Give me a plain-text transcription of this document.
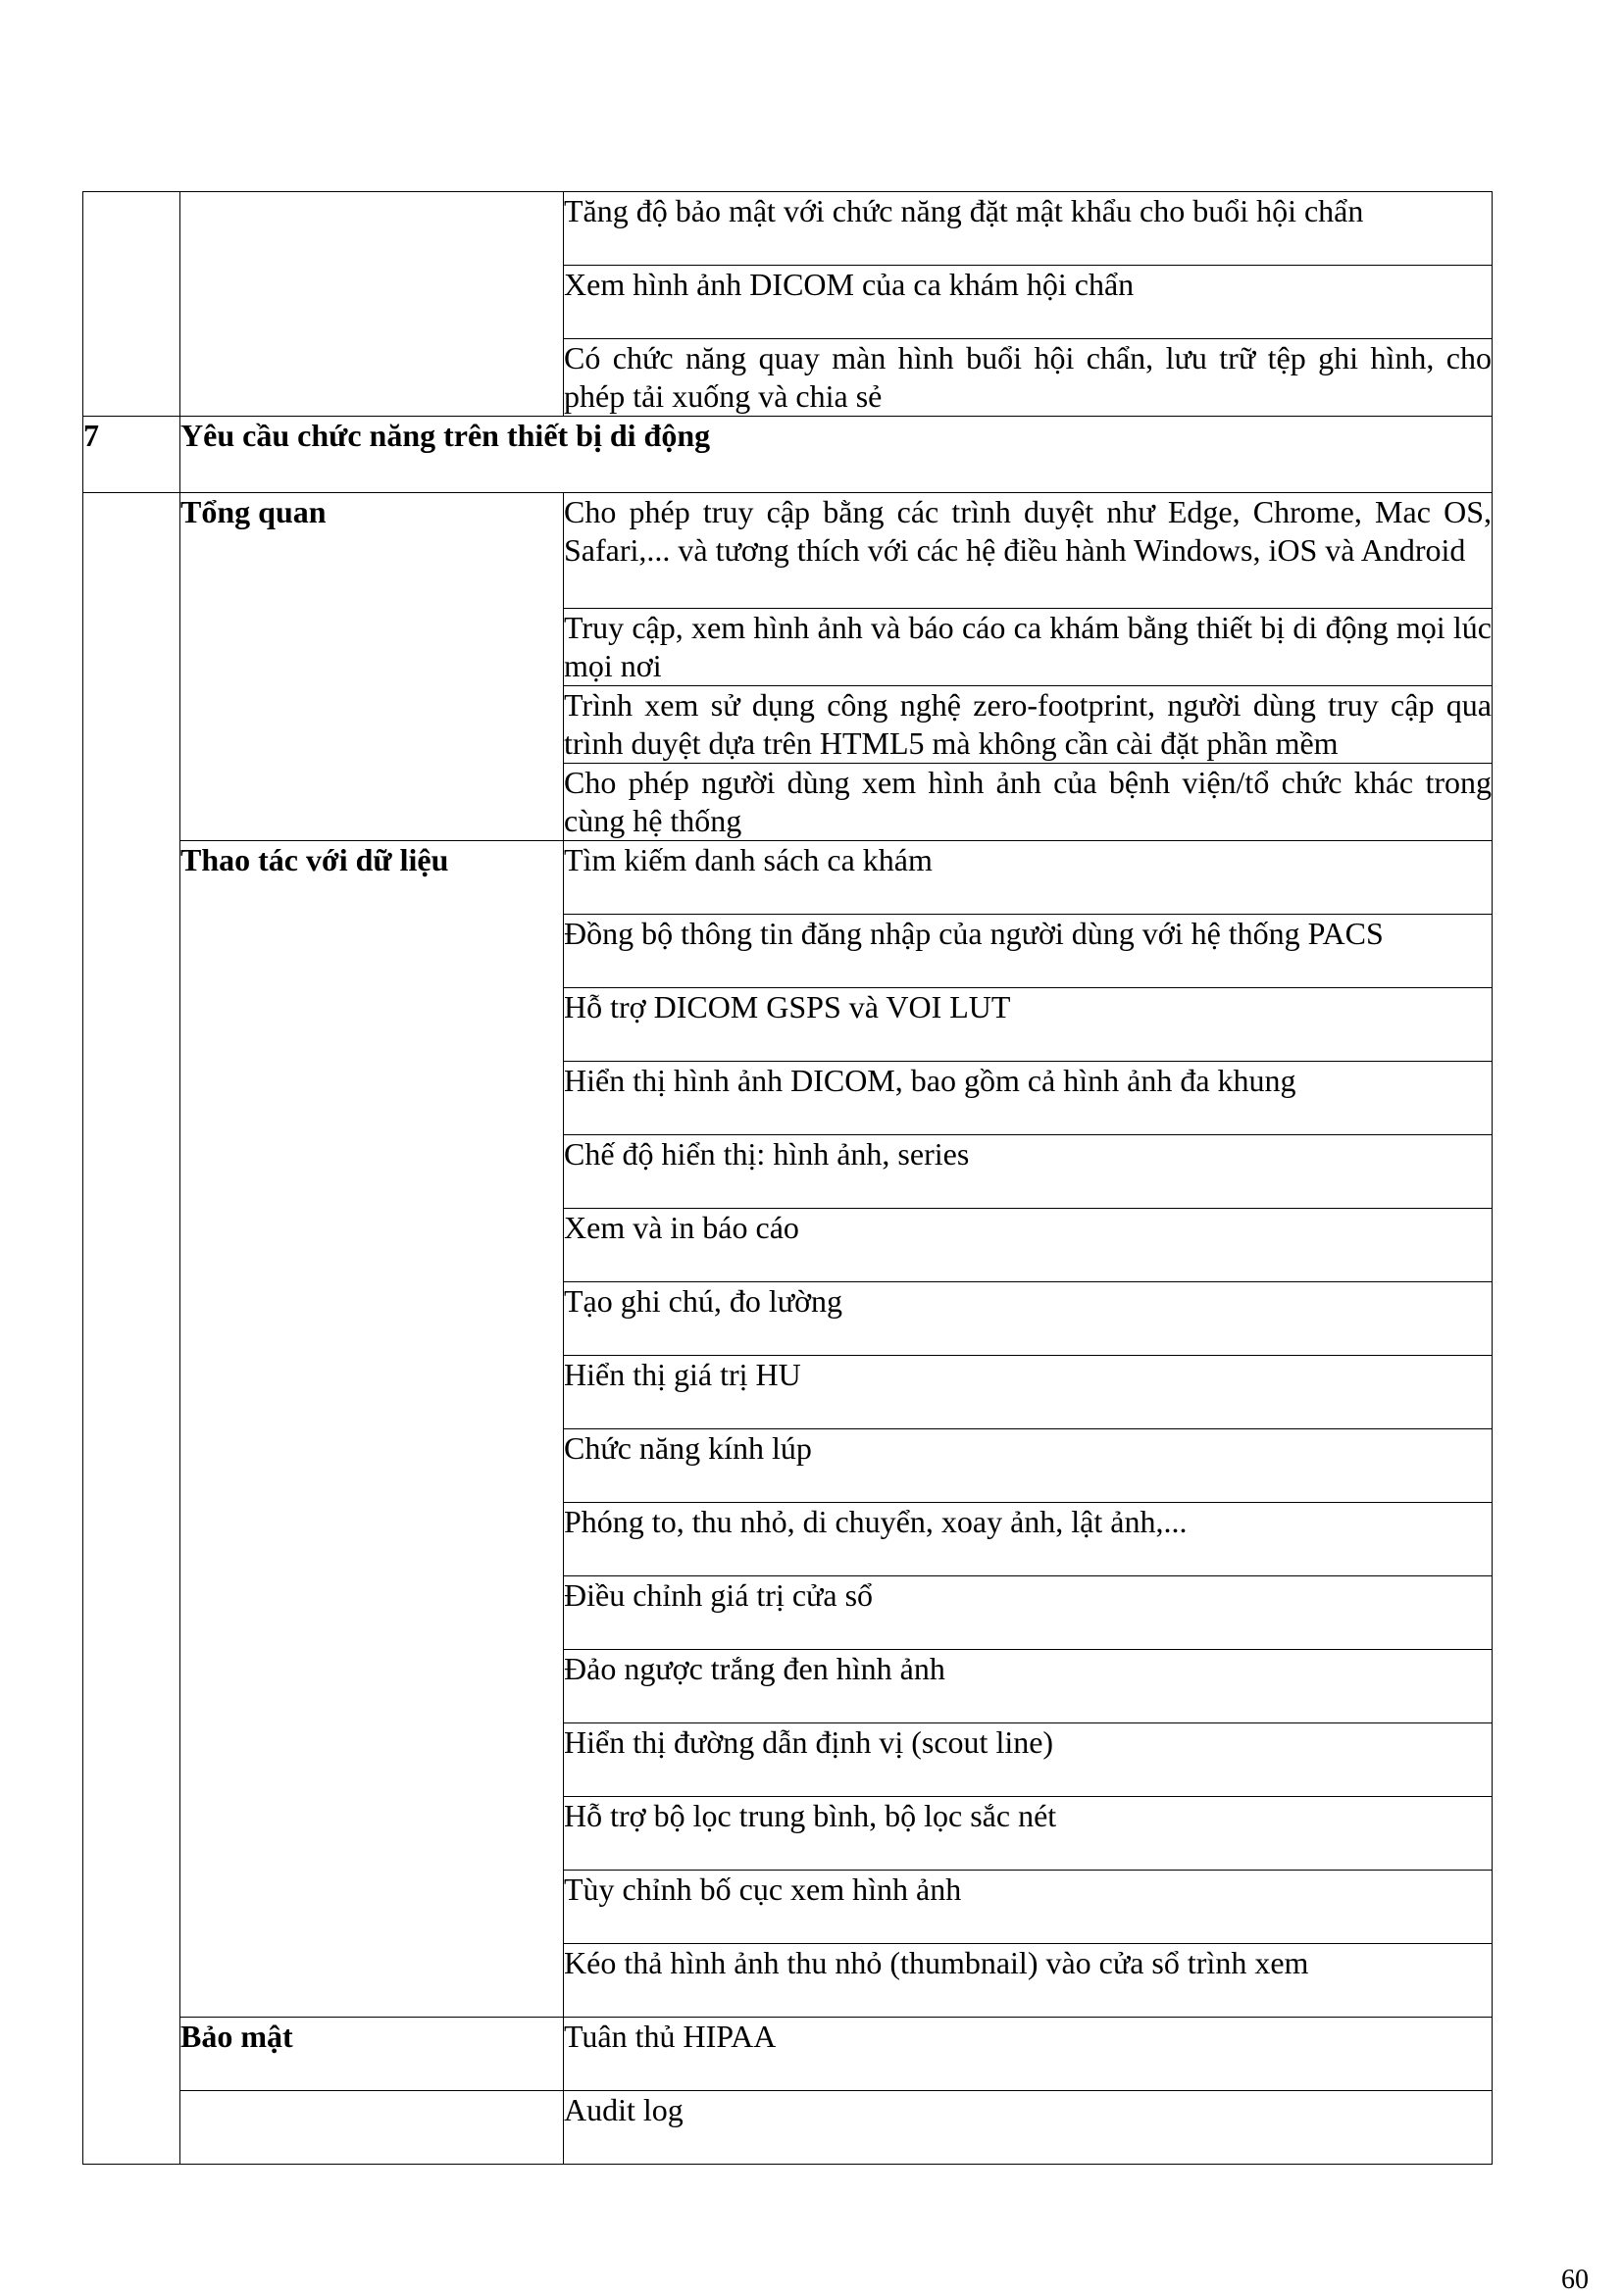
		Tăng độ bảo mật với chức năng đặt mật khẩu cho buổi hội chẩn
		Xem hình ảnh DICOM của ca khám hội chẩn
		Có chức năng quay màn hình buổi hội chẩn, lưu trữ tệp ghi hình, cho phép tải xuống và chia sẻ
7	Yêu cầu chức năng trên thiết bị di động	
	Tổng quan	Cho phép truy cập bằng các trình duyệt như Edge, Chrome, Mac OS, Safari,... và tương thích với các hệ điều hành Windows, iOS và Android
		Truy cập, xem hình ảnh và báo cáo ca khám bằng thiết bị di động mọi lúc mọi nơi
		Trình xem sử dụng công nghệ zero-footprint, người dùng truy cập qua trình duyệt dựa trên HTML5 mà không cần cài đặt phần mềm
		Cho phép người dùng xem hình ảnh của bệnh viện/tổ chức khác trong cùng hệ thống
	Thao tác với dữ liệu	Tìm kiếm danh sách ca khám
		Đồng bộ thông tin đăng nhập của người dùng với hệ thống PACS
		Hỗ trợ DICOM GSPS và VOI LUT
		Hiển thị hình ảnh DICOM, bao gồm cả hình ảnh đa khung
		Chế độ hiển thị: hình ảnh, series
		Xem và in báo cáo
		Tạo ghi chú, đo lường
		Hiển thị giá trị HU
		Chức năng kính lúp
		Phóng to, thu nhỏ, di chuyển, xoay ảnh, lật ảnh,...
		Điều chỉnh giá trị cửa sổ
		Đảo ngược trắng đen hình ảnh
		Hiển thị đường dẫn định vị (scout line)
		Hỗ trợ bộ lọc trung bình, bộ lọc sắc nét
		Tùy chỉnh bố cục xem hình ảnh
		Kéo thả hình ảnh thu nhỏ (thumbnail) vào cửa sổ trình xem
	Bảo mật	Tuân thủ HIPAA
		Audit log
60
